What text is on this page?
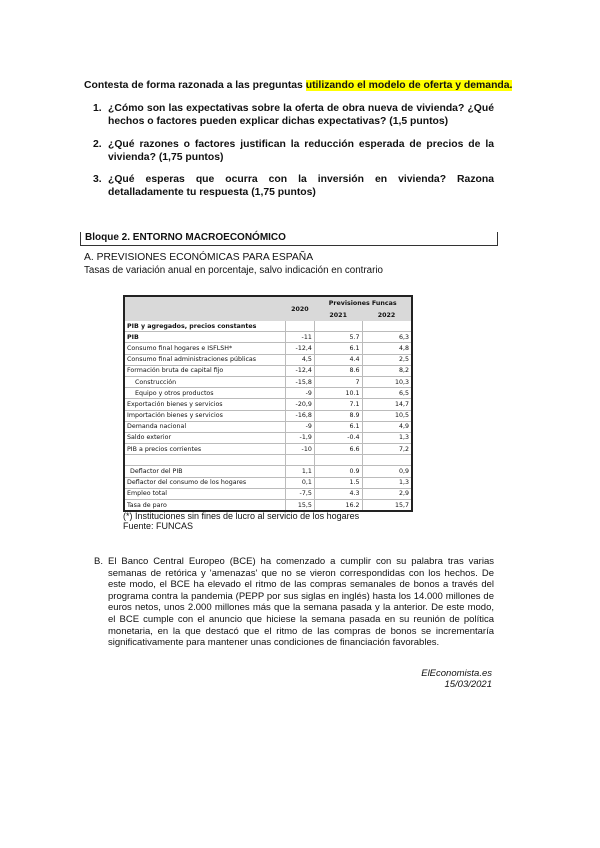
Contesta de forma razonada a las preguntas utilizando el modelo de oferta y demanda.
1. ¿Cómo son las expectativas sobre la oferta de obra nueva de vivienda? ¿Qué hechos o factores pueden explicar dichas expectativas? (1,5 puntos)
2. ¿Qué razones o factores justifican la reducción esperada de precios de la vivienda? (1,75 puntos)
3. ¿Qué esperas que ocurra con la inversión en vivienda? Razona detalladamente tu respuesta (1,75 puntos)
Bloque 2. ENTORNO MACROECONÓMICO
A. PREVISIONES ECONÓMICAS PARA ESPAÑA
Tasas de variación anual en porcentaje, salvo indicación en contrario
	2020	Previsiones Funcas	
		2021	2022
PIB y agregados, precios constantes			
PIB	-11	5.7	6,3
Consumo final hogares e ISFLSH*	-12,4	6.1	4,8
Consumo final administraciones públicas	4,5	4.4	2,5
Formación bruta de capital fijo	-12,4	8.6	8,2
Construcción	-15,8	7	10,3
Equipo y otros productos	-9	10.1	6,5
Exportación bienes y servicios	-20,9	7.1	14,7
Importación bienes y servicios	-16,8	8.9	10,5
Demanda nacional	-9	6.1	4,9
Saldo exterior	-1,9	-0.4	1,3
PIB a precios corrientes	-10	6.6	7,2

Deflactor del PIB	1,1	0.9	0,9
Deflactor del consumo de los hogares	0,1	1.5	1,3
Empleo total	-7,5	4.3	2,9
Tasa de paro	15,5	16.2	15,7
(*) Instituciones sin fines de lucro al servicio de los hogares
Fuente: FUNCAS
B. El Banco Central Europeo (BCE) ha comenzado a cumplir con su palabra tras varias semanas de retórica y 'amenazas' que no se vieron correspondidas con los hechos. De este modo, el BCE ha elevado el ritmo de las compras semanales de bonos a través del programa contra la pandemia (PEPP por sus siglas en inglés) hasta los 14.000 millones de euros netos, unos 2.000 millones más que la semana pasada y la anterior. De este modo, el BCE cumple con el anuncio que hiciese la semana pasada en su reunión de política monetaria, en la que destacó que el ritmo de las compras de bonos se incrementaría significativamente para mantener unas condiciones de financiación favorables.
ElEconomista.es
15/03/2021
